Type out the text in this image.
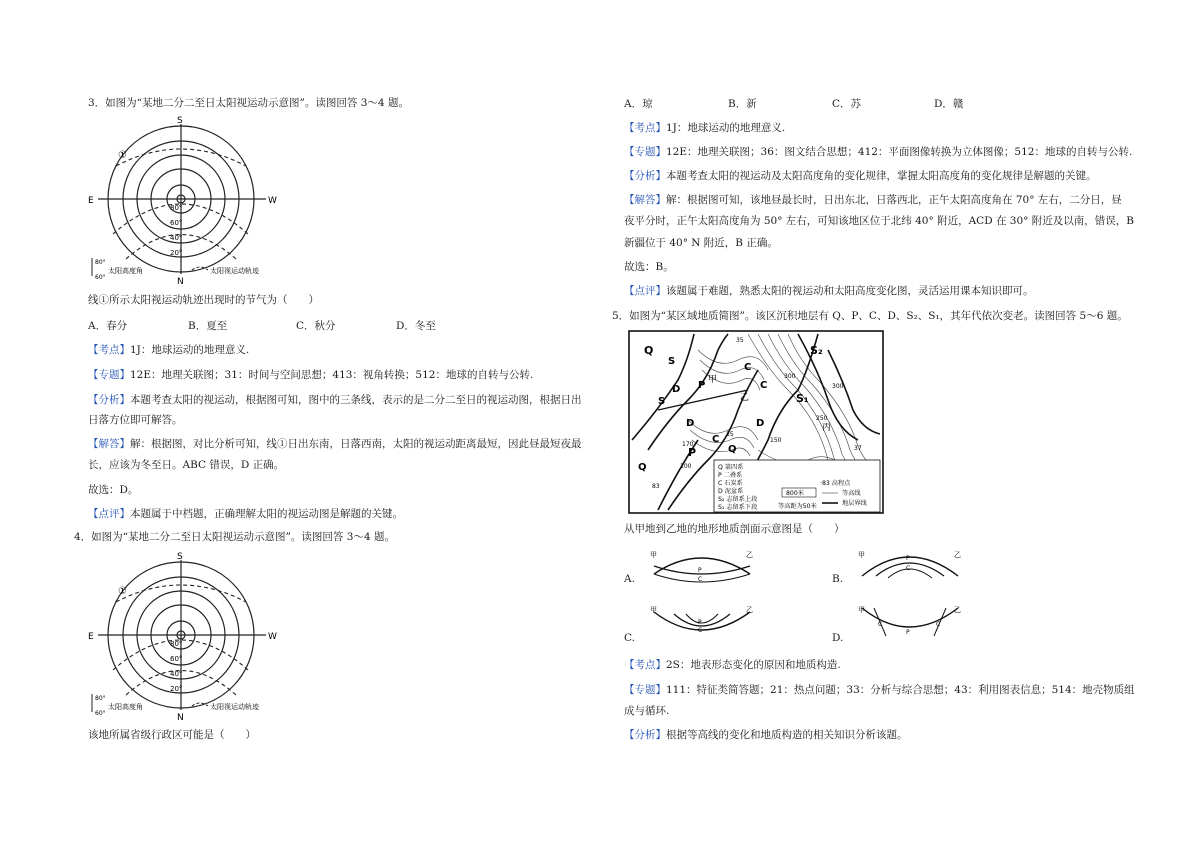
3．如图为“某地二分二至日太阳视运动示意图”。读图回答 3～4 题。
S
N
E	W
①
80°
60°
40°
20°
80°
60°
太阳高度角	太阳视运动轨迹
线①所示太阳视运动轨迹出现时的节气为（　　）
A．春分	B．夏至	C．秋分	D．冬至
【考点】1J：地球运动的地理意义.
【专题】12E：地理关联图；31：时间与空间思想；413：视角转换；512：地球的自转与公转.
【分析】本题考查太阳的视运动，根据图可知，图中的三条线，表示的是二分二至日的视运动图，根据日出
日落方位即可解答。
【解答】解：根据图，对比分析可知，线①日出东南，日落西南，太阳的视运动距离最短，因此昼最短夜最
长，应该为冬至日。ABC 错误，D 正确。
故选：D。
【点评】本题属于中档题，正确理解太阳的视运动图是解题的关键。
4．如图为“某地二分二至日太阳视运动示意图”。读图回答 3～4 题。
S
N
E	W
①
80°
60°
40°
20°
80°
60°
太阳高度角	太阳视运动轨迹
该地所属省级行政区可能是（　　）
A．琼	B．新	C．苏	D．赣
【考点】1J：地球运动的地理意义.
【专题】12E：地理关联图；36：图文结合思想；412：平面图像转换为立体图像；512：地球的自转与公转.
【分析】本题考查太阳的视运动及太阳高度角的变化规律，掌握太阳高度角的变化规律是解题的关键。
【解答】解：根据图可知，该地昼最长时，日出东北，日落西北，正午太阳高度角在 70° 左右，二分日，昼
夜平分时，正午太阳高度角为 50° 左右，可知该地区位于北纬 40° 附近，ACD 在 30° 附近及以南，错误，B
新疆位于 40° N 附近，B 正确。
故选：B。
【点评】该题属于难题，熟悉太阳的视运动和太阳高度变化图，灵活运用课本知识即可。
5．如图为“某区域地质简图”。该区沉积地层有 Q、P、C、D、S₂、S₁，其年代依次变老。读图回答 5～6 题。
Q
S
S
D P
C
D
C
S₂
S₁
D
Q
P
C
甲
乙
丙
Q
35
300
250
170
150
100
83
37
300
35
Q 第四系
P 二叠系
C 石炭系
D 泥盆系
S₂ 志留系上段
S₁ 志留系下段
800米
等高距为50米
·83 高程点
等高线
地层界线
从甲地到乙地的地形地质剖面示意图是（　　）
A.
甲	乙
P
C	B.
甲	乙
P
C
C.
甲	乙
P
C
D.
甲	乙
C
P
C
【考点】2S：地表形态变化的原因和地质构造.
【专题】111：特征类简答题；21：热点问题；33：分析与综合思想；43：利用图表信息；514：地壳物质组
成与循环.
【分析】根据等高线的变化和地质构造的相关知识分析该题。
